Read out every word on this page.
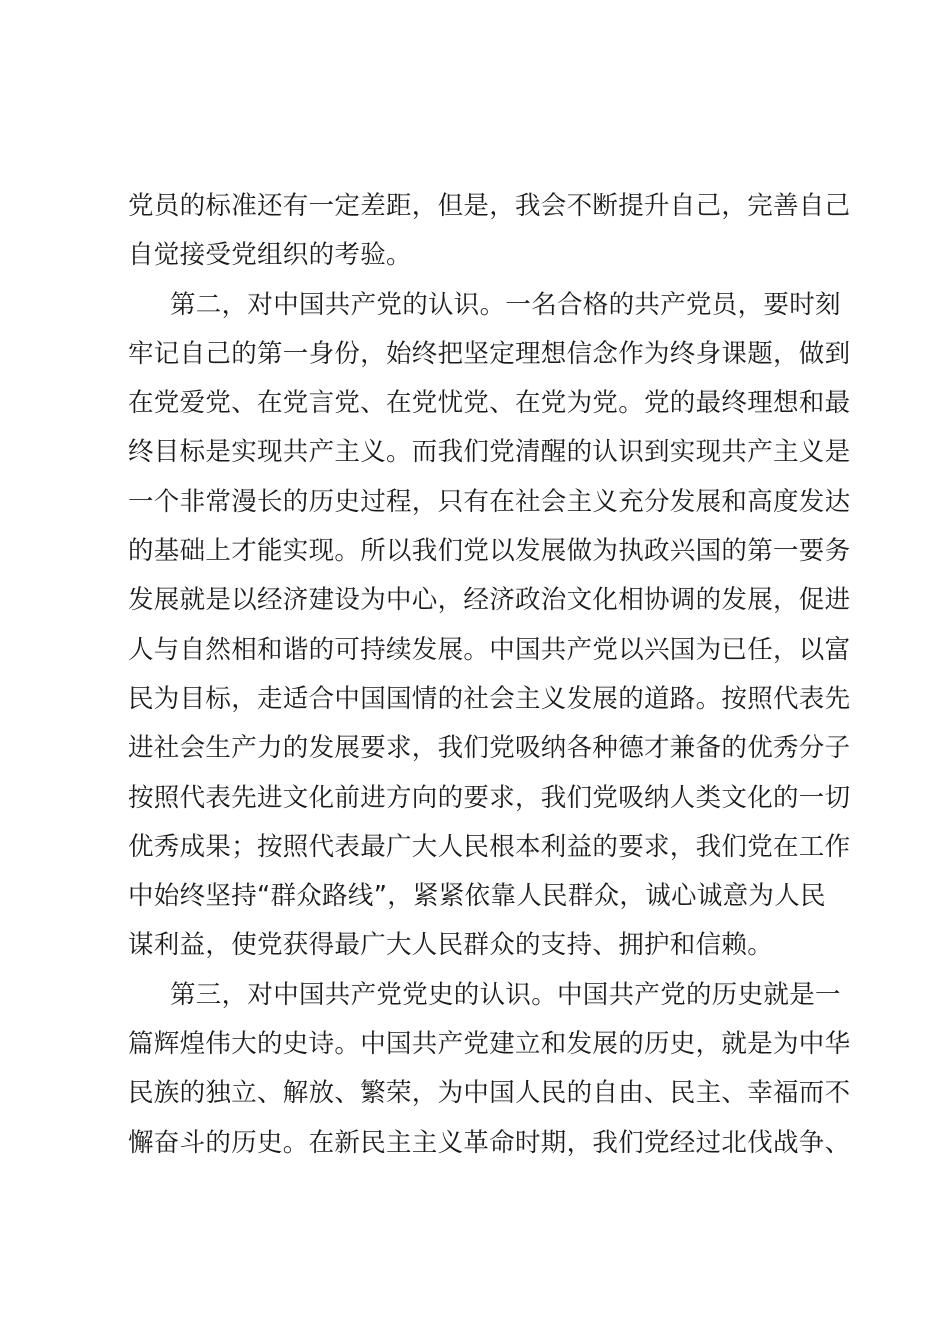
党员的标准还有一定差距，但是，我会不断提升自己，完善自己
自觉接受党组织的考验。
第二，对中国共产党的认识。一名合格的共产党员，要时刻
牢记自己的第一身份，始终把坚定理想信念作为终身课题，做到
在党爱党、在党言党、在党忧党、在党为党。党的最终理想和最
终目标是实现共产主义。而我们党清醒的认识到实现共产主义是
一个非常漫长的历史过程，只有在社会主义充分发展和高度发达
的基础上才能实现。所以我们党以发展做为执政兴国的第一要务
发展就是以经济建设为中心，经济政治文化相协调的发展，促进
人与自然相和谐的可持续发展。中国共产党以兴国为已任，以富
民为目标，走适合中国国情的社会主义发展的道路。按照代表先
进社会生产力的发展要求，我们党吸纳各种德才兼备的优秀分子
按照代表先进文化前进方向的要求，我们党吸纳人类文化的一切
优秀成果；按照代表最广大人民根本利益的要求，我们党在工作
中始终坚持“群众路线”，紧紧依靠人民群众，诚心诚意为人民
谋利益，使党获得最广大人民群众的支持、拥护和信赖。
第三，对中国共产党党史的认识。中国共产党的历史就是一
篇辉煌伟大的史诗。中国共产党建立和发展的历史，就是为中华
民族的独立、解放、繁荣，为中国人民的自由、民主、幸福而不
懈奋斗的历史。在新民主主义革命时期，我们党经过北伐战争、
